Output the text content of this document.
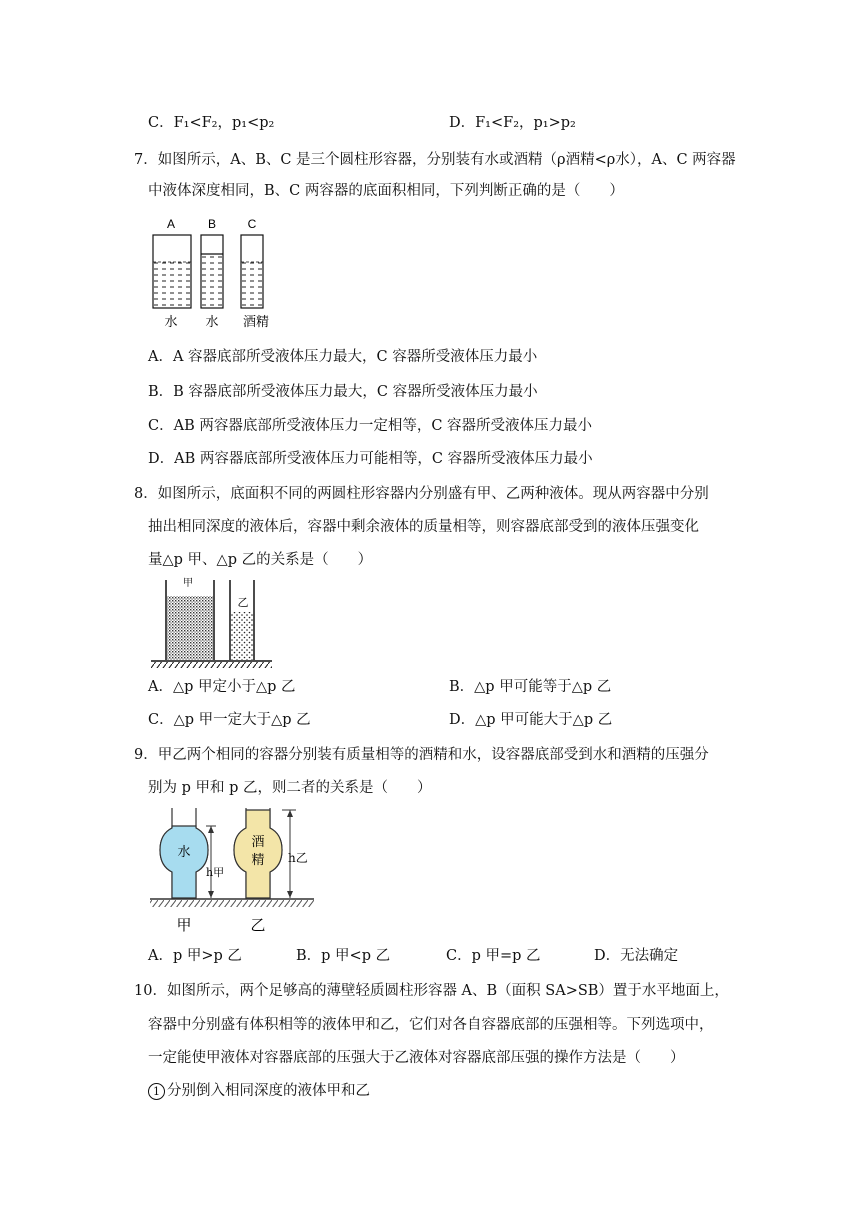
C．F₁<F₂，p₁<p₂	D．F₁<F₂，p₁>p₂
7．如图所示，A、B、C 是三个圆柱形容器，分别装有水或酒精（ρ酒精<ρ水），A、C 两容器
中液体深度相同，B、C 两容器的底面积相同，下列判断正确的是（　　）
A	B	C
水 水 酒精
A．A 容器底部所受液体压力最大，C 容器所受液体压力最小
B．B 容器底部所受液体压力最大，C 容器所受液体压力最小
C．AB 两容器底部所受液体压力一定相等，C 容器所受液体压力最小
D．AB 两容器底部所受液体压力可能相等，C 容器所受液体压力最小
8．如图所示，底面积不同的两圆柱形容器内分别盛有甲、乙两种液体。现从两容器中分别
抽出相同深度的液体后，容器中剩余液体的质量相等，则容器底部受到的液体压强变化
量△p 甲、△p 乙的关系是（　　）
甲
乙
A．△p 甲定小于△p 乙	B．△p 甲可能等于△p 乙
C．△p 甲一定大于△p 乙	D．△p 甲可能大于△p 乙
9．甲乙两个相同的容器分别装有质量相等的酒精和水，设容器底部受到水和酒精的压强分
别为 p 甲和 p 乙，则二者的关系是（　　）
水
h甲
酒
精 h乙
甲	乙
A．p 甲>p 乙	B．p 甲<p 乙	C．p 甲=p 乙	D．无法确定
10．如图所示，两个足够高的薄壁轻质圆柱形容器 A、B（面积 SA>SB）置于水平地面上，
容器中分别盛有体积相等的液体甲和乙，它们对各自容器底部的压强相等。下列选项中，
一定能使甲液体对容器底部的压强大于乙液体对容器底部压强的操作方法是（　　）
1 分别倒入相同深度的液体甲和乙
